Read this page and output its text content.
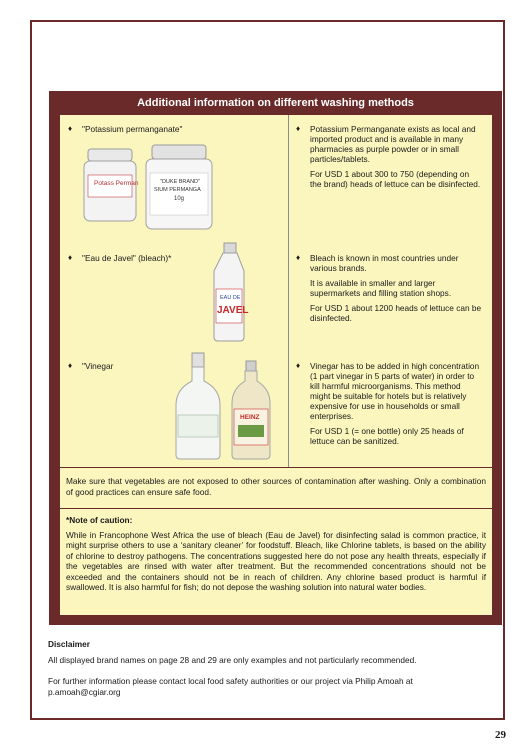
Additional information on different washing methods
♦	"Potassium permanganate"
Potass Perman	"DUKE BRAND"
SIUM PERMANGA
10g
♦ Potassium Permanganate exists as local and imported product and is available in many pharmacies as purple powder or in small particles/tablets.

For USD 1 about 300 to 750 (depending on the brand) heads of lettuce can be disinfected.

♦	"Eau de Javel" (bleach)*
EAU DE
JAVEL
♦ Bleach is known in most countries under various brands.

It is available in smaller and larger supermarkets and filling station shops.

For USD 1 about 1200 heads of lettuce can be disinfected.

♦	"Vinegar
HEINZ
♦ Vinegar has to be added in high concentration (1 part vinegar in 5 parts of water) in order to kill harmful microorganisms. This method might be suitable for hotels but is relatively expensive for use in households or small enterprises.

For USD 1 (= one bottle) only 25 heads of lettuce can be sanitized.

Make sure that vegetables are not exposed to other sources of contamination after washing. Only a combination of good practices can ensure safe food.
*Note of caution:
While in Francophone West Africa the use of bleach (Eau de Javel) for disinfecting salad is common practice, it might surprise others to use a ‘sanitary cleaner’ for foodstuff. Bleach, like Chlorine tablets, is based on the ability of chlorine to destroy pathogens. The concentrations suggested here do not pose any health threats, especially if the vegetables are rinsed with water after treatment. But the recommended concentrations should not be exceeded and the containers should not be in reach of children. Any chlorine based product is harmful if swallowed. It is also harmful for fish; do not depose the washing solution into natural water bodies.
Disclaimer
All displayed brand names on page 28 and 29 are only examples and not particularly recommended.
For further information please contact local food safety authorities or our project via Philip Amoah at p.amoah@cgiar.org
29
